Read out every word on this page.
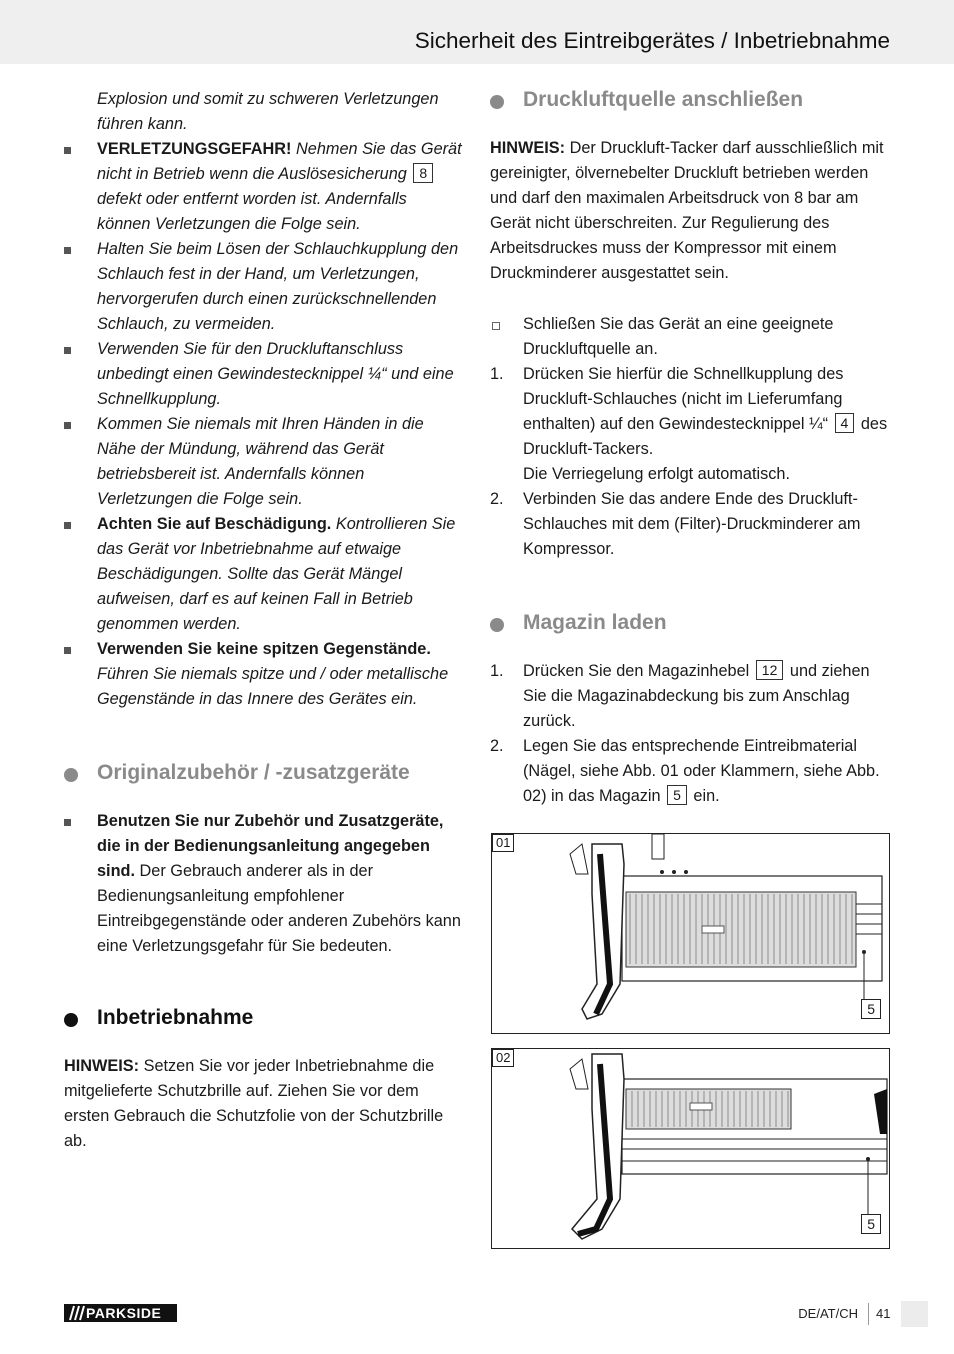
Sicherheit des Eintreibgerätes / Inbetriebnahme
Explosion und somit zu schweren Verletzungen führen kann.
VERLETZUNGSGEFAHR! Nehmen Sie das Gerät nicht in Betrieb wenn die Auslösesicherung 8 defekt oder entfernt worden ist. Andernfalls können Verletzungen die Folge sein.
Halten Sie beim Lösen der Schlauchkupplung den Schlauch fest in der Hand, um Verletzungen, hervorgerufen durch einen zurückschnellenden Schlauch, zu vermeiden.
Verwenden Sie für den Druckluftanschluss unbedingt einen Gewindestecknippel ¼“ und eine Schnellkupplung.
Kommen Sie niemals mit Ihren Händen in die Nähe der Mündung, während das Gerät betriebsbereit ist. Andernfalls können Verletzungen die Folge sein.
Achten Sie auf Beschädigung. Kontrollieren Sie das Gerät vor Inbetriebnahme auf etwaige Beschädigungen. Sollte das Gerät Mängel aufweisen, darf es auf keinen Fall in Betrieb genommen werden.
Verwenden Sie keine spitzen Gegenstände. Führen Sie niemals spitze und / oder metallische Gegenstände in das Innere des Gerätes ein.
Originalzubehör / -zusatzgeräte
Benutzen Sie nur Zubehör und Zusatzgeräte, die in der Bedienungsanleitung angegeben sind. Der Gebrauch anderer als in der Bedienungsanleitung empfohlener Eintreibgegenstände oder anderen Zubehörs kann eine Verletzungsgefahr für Sie bedeuten.
Inbetriebnahme
HINWEIS: Setzen Sie vor jeder Inbetriebnahme die mitgelieferte Schutzbrille auf. Ziehen Sie vor dem ersten Gebrauch die Schutzfolie von der Schutzbrille ab.
Druckluftquelle anschließen
HINWEIS: Der Druckluft-Tacker darf ausschließlich mit gereinigter, ölvernebelter Druckluft betrieben werden und darf den maximalen Arbeitsdruck von 8 bar am Gerät nicht überschreiten. Zur Regulierung des Arbeitsdruckes muss der Kompressor mit einem Druckminderer ausgestattet sein.
Schließen Sie das Gerät an eine geeignete Druckluftquelle an.
1. Drücken Sie hierfür die Schnellkupplung des Druckluft-Schlauches (nicht im Lieferumfang enthalten) auf den Gewindestecknippel ¼“ 4 des Druckluft-Tackers.
Die Verriegelung erfolgt automatisch.
2. Verbinden Sie das andere Ende des Druckluft-Schlauches mit dem (Filter)-Druckminderer am Kompressor.
Magazin laden
1. Drücken Sie den Magazinhebel 12 und ziehen Sie die Magazinabdeckung bis zum Anschlag zurück.
2. Legen Sie das entsprechende Eintreibmaterial (Nägel, siehe Abb. 01 oder Klammern, siehe Abb. 02) in das Magazin 5 ein.
01
5
02
5
PARKSIDE	DE/AT/CH 41
